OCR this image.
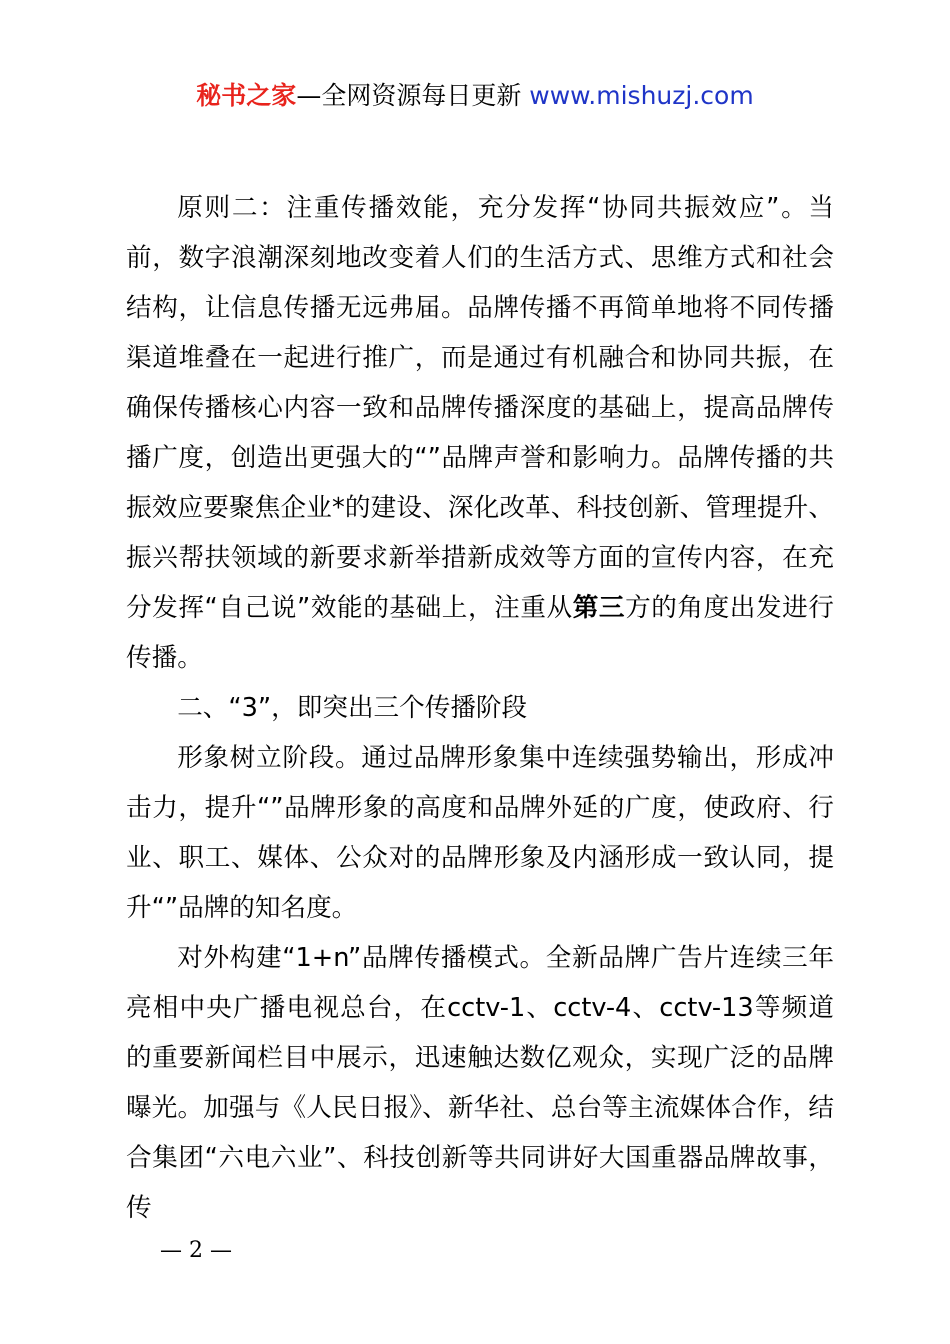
秘书之家—全网资源每日更新 www.mishuzj.com

原则二：注重传播效能，充分发挥“协同共振效应”。当前，数字浪潮深刻地改变着人们的生活方式、思维方式和社会结构，让信息传播无远弗届。品牌传播不再简单地将不同传播渠道堆叠在一起进行推广，而是通过有机融合和协同共振，在确保传播核心内容一致和品牌传播深度的基础上，提高品牌传播广度，创造出更强大的“”品牌声誉和影响力。品牌传播的共振效应要聚焦企业*的建设、深化改革、科技创新、管理提升、振兴帮扶领域的新要求新举措新成效等方面的宣传内容，在充分发挥“自己说”效能的基础上，注重从第三方的角度出发进行传播。

二、“3”，即突出三个传播阶段

形象树立阶段。通过品牌形象集中连续强势输出，形成冲击力，提升“”品牌形象的高度和品牌外延的广度，使政府、行业、职工、媒体、公众对的品牌形象及内涵形成一致认同，提升“”品牌的知名度。

对外构建“1+n”品牌传播模式。全新品牌广告片连续三年亮相中央广播电视总台，在cctv-1、cctv-4、cctv-13等频道的重要新闻栏目中展示，迅速触达数亿观众，实现广泛的品牌曝光。加强与《人民日报》、新华社、总台等主流媒体合作，结合集团“六电六业”、科技创新等共同讲好大国重器品牌故事，传

— 2 —
